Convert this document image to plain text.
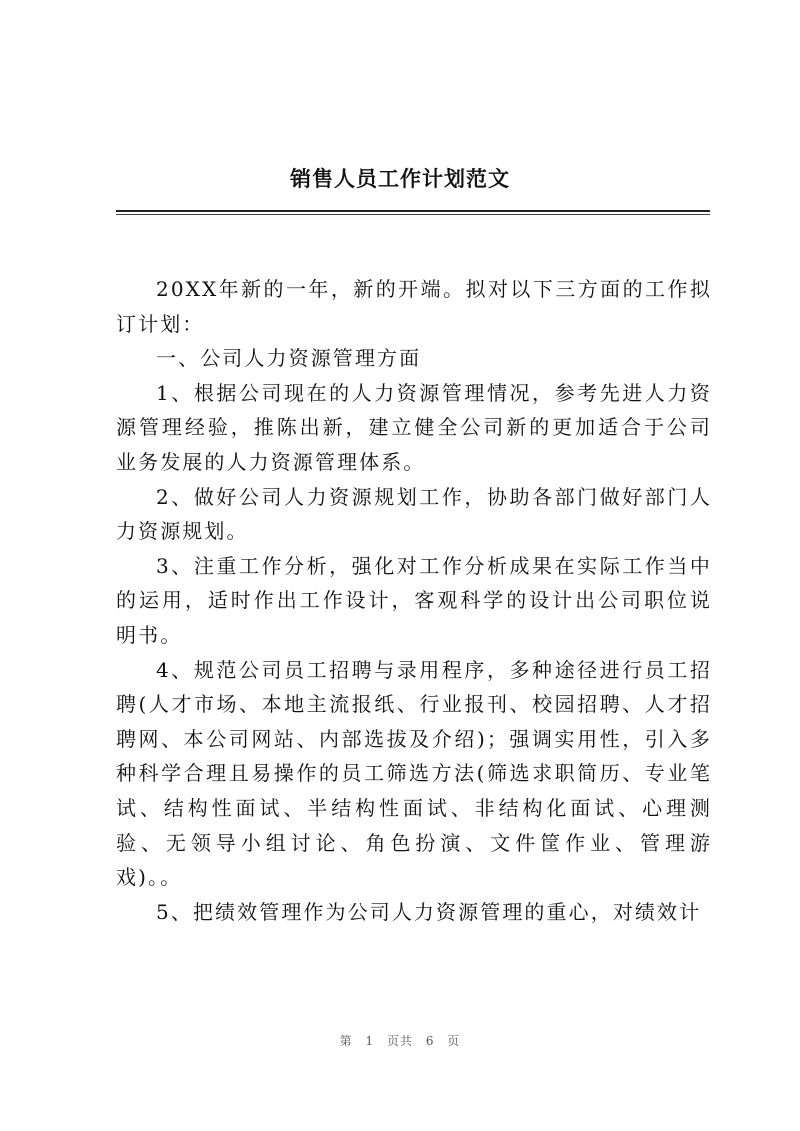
销售人员工作计划范文

20XX年新的一年，新的开端。拟对以下三方面的工作拟订计划：

一、公司人力资源管理方面

1、根据公司现在的人力资源管理情况，参考先进人力资源管理经验，推陈出新，建立健全公司新的更加适合于公司业务发展的人力资源管理体系。

2、做好公司人力资源规划工作，协助各部门做好部门人力资源规划。

3、注重工作分析，强化对工作分析成果在实际工作当中的运用，适时作出工作设计，客观科学的设计出公司职位说明书。

4、规范公司员工招聘与录用程序，多种途径进行员工招聘(人才市场、本地主流报纸、行业报刊、校园招聘、人才招聘网、本公司网站、内部选拔及介绍)；强调实用性，引入多种科学合理且易操作的员工筛选方法(筛选求职简历、专业笔试、结构性面试、半结构性面试、非结构化面试、心理测验、无领导小组讨论、角色扮演、文件筐作业、管理游戏)。。

5、把绩效管理作为公司人力资源管理的重心，对绩效计

第 1 页共 6 页
